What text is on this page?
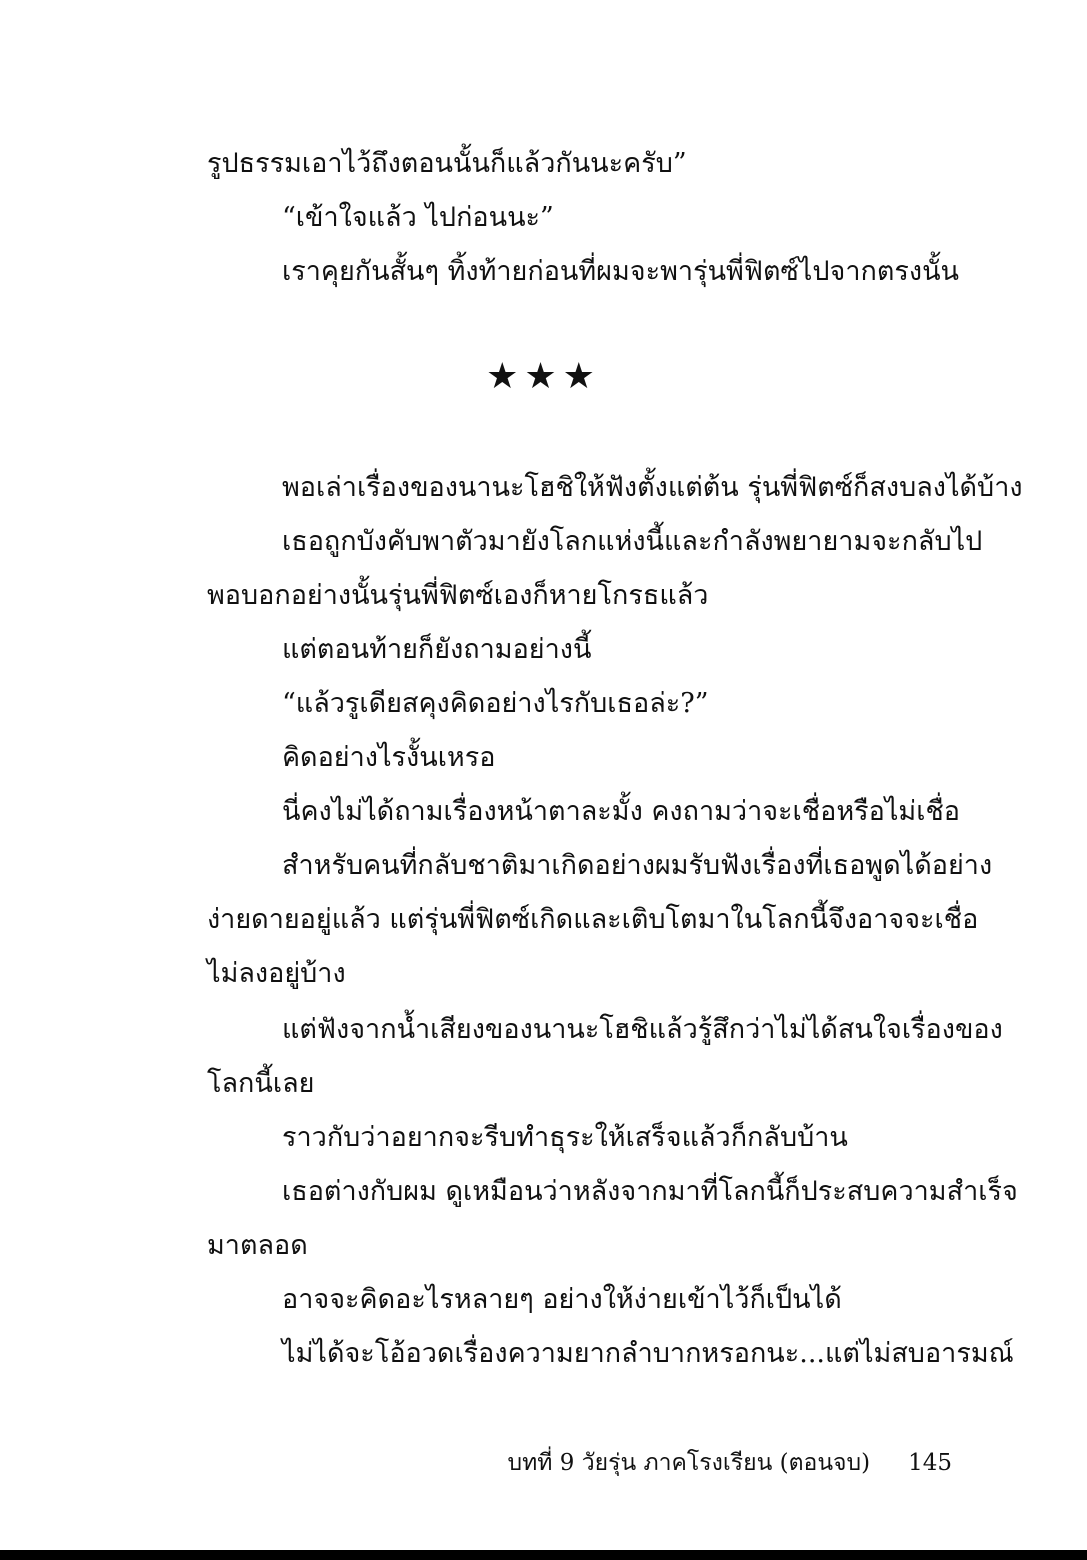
รูปธรรมเอาไว้ถึงตอนนั้นก็แล้วกันนะครับ”
“เข้าใจแล้ว ไปก่อนนะ”
เราคุยกันสั้นๆ ทิ้งท้ายก่อนที่ผมจะพารุ่นพี่ฟิตซ์ไปจากตรงนั้น
★★★
พอเล่าเรื่องของนานะโฮชิให้ฟังตั้งแต่ต้น รุ่นพี่ฟิตซ์ก็สงบลงได้บ้าง
เธอถูกบังคับพาตัวมายังโลกแห่งนี้และกำลังพยายามจะกลับไป
พอบอกอย่างนั้นรุ่นพี่ฟิตซ์เองก็หายโกรธแล้ว
แต่ตอนท้ายก็ยังถามอย่างนี้
“แล้วรูเดียสคุงคิดอย่างไรกับเธอล่ะ?”
คิดอย่างไรงั้นเหรอ
นี่คงไม่ได้ถามเรื่องหน้าตาละมั้ง คงถามว่าจะเชื่อหรือไม่เชื่อ
สำหรับคนที่กลับชาติมาเกิดอย่างผมรับฟังเรื่องที่เธอพูดได้อย่าง
ง่ายดายอยู่แล้ว แต่รุ่นพี่ฟิตซ์เกิดและเติบโตมาในโลกนี้จึงอาจจะเชื่อ
ไม่ลงอยู่บ้าง
แต่ฟังจากน้ำเสียงของนานะโฮชิแล้วรู้สึกว่าไม่ได้สนใจเรื่องของ
โลกนี้เลย
ราวกับว่าอยากจะรีบทำธุระให้เสร็จแล้วก็กลับบ้าน
เธอต่างกับผม ดูเหมือนว่าหลังจากมาที่โลกนี้ก็ประสบความสำเร็จ
มาตลอด
อาจจะคิดอะไรหลายๆ อย่างให้ง่ายเข้าไว้ก็เป็นได้
ไม่ได้จะโอ้อวดเรื่องความยากลำบากหรอกนะ...แต่ไม่สบอารมณ์
บทที่ 9 วัยรุ่น ภาคโรงเรียน (ตอนจบ) 145
